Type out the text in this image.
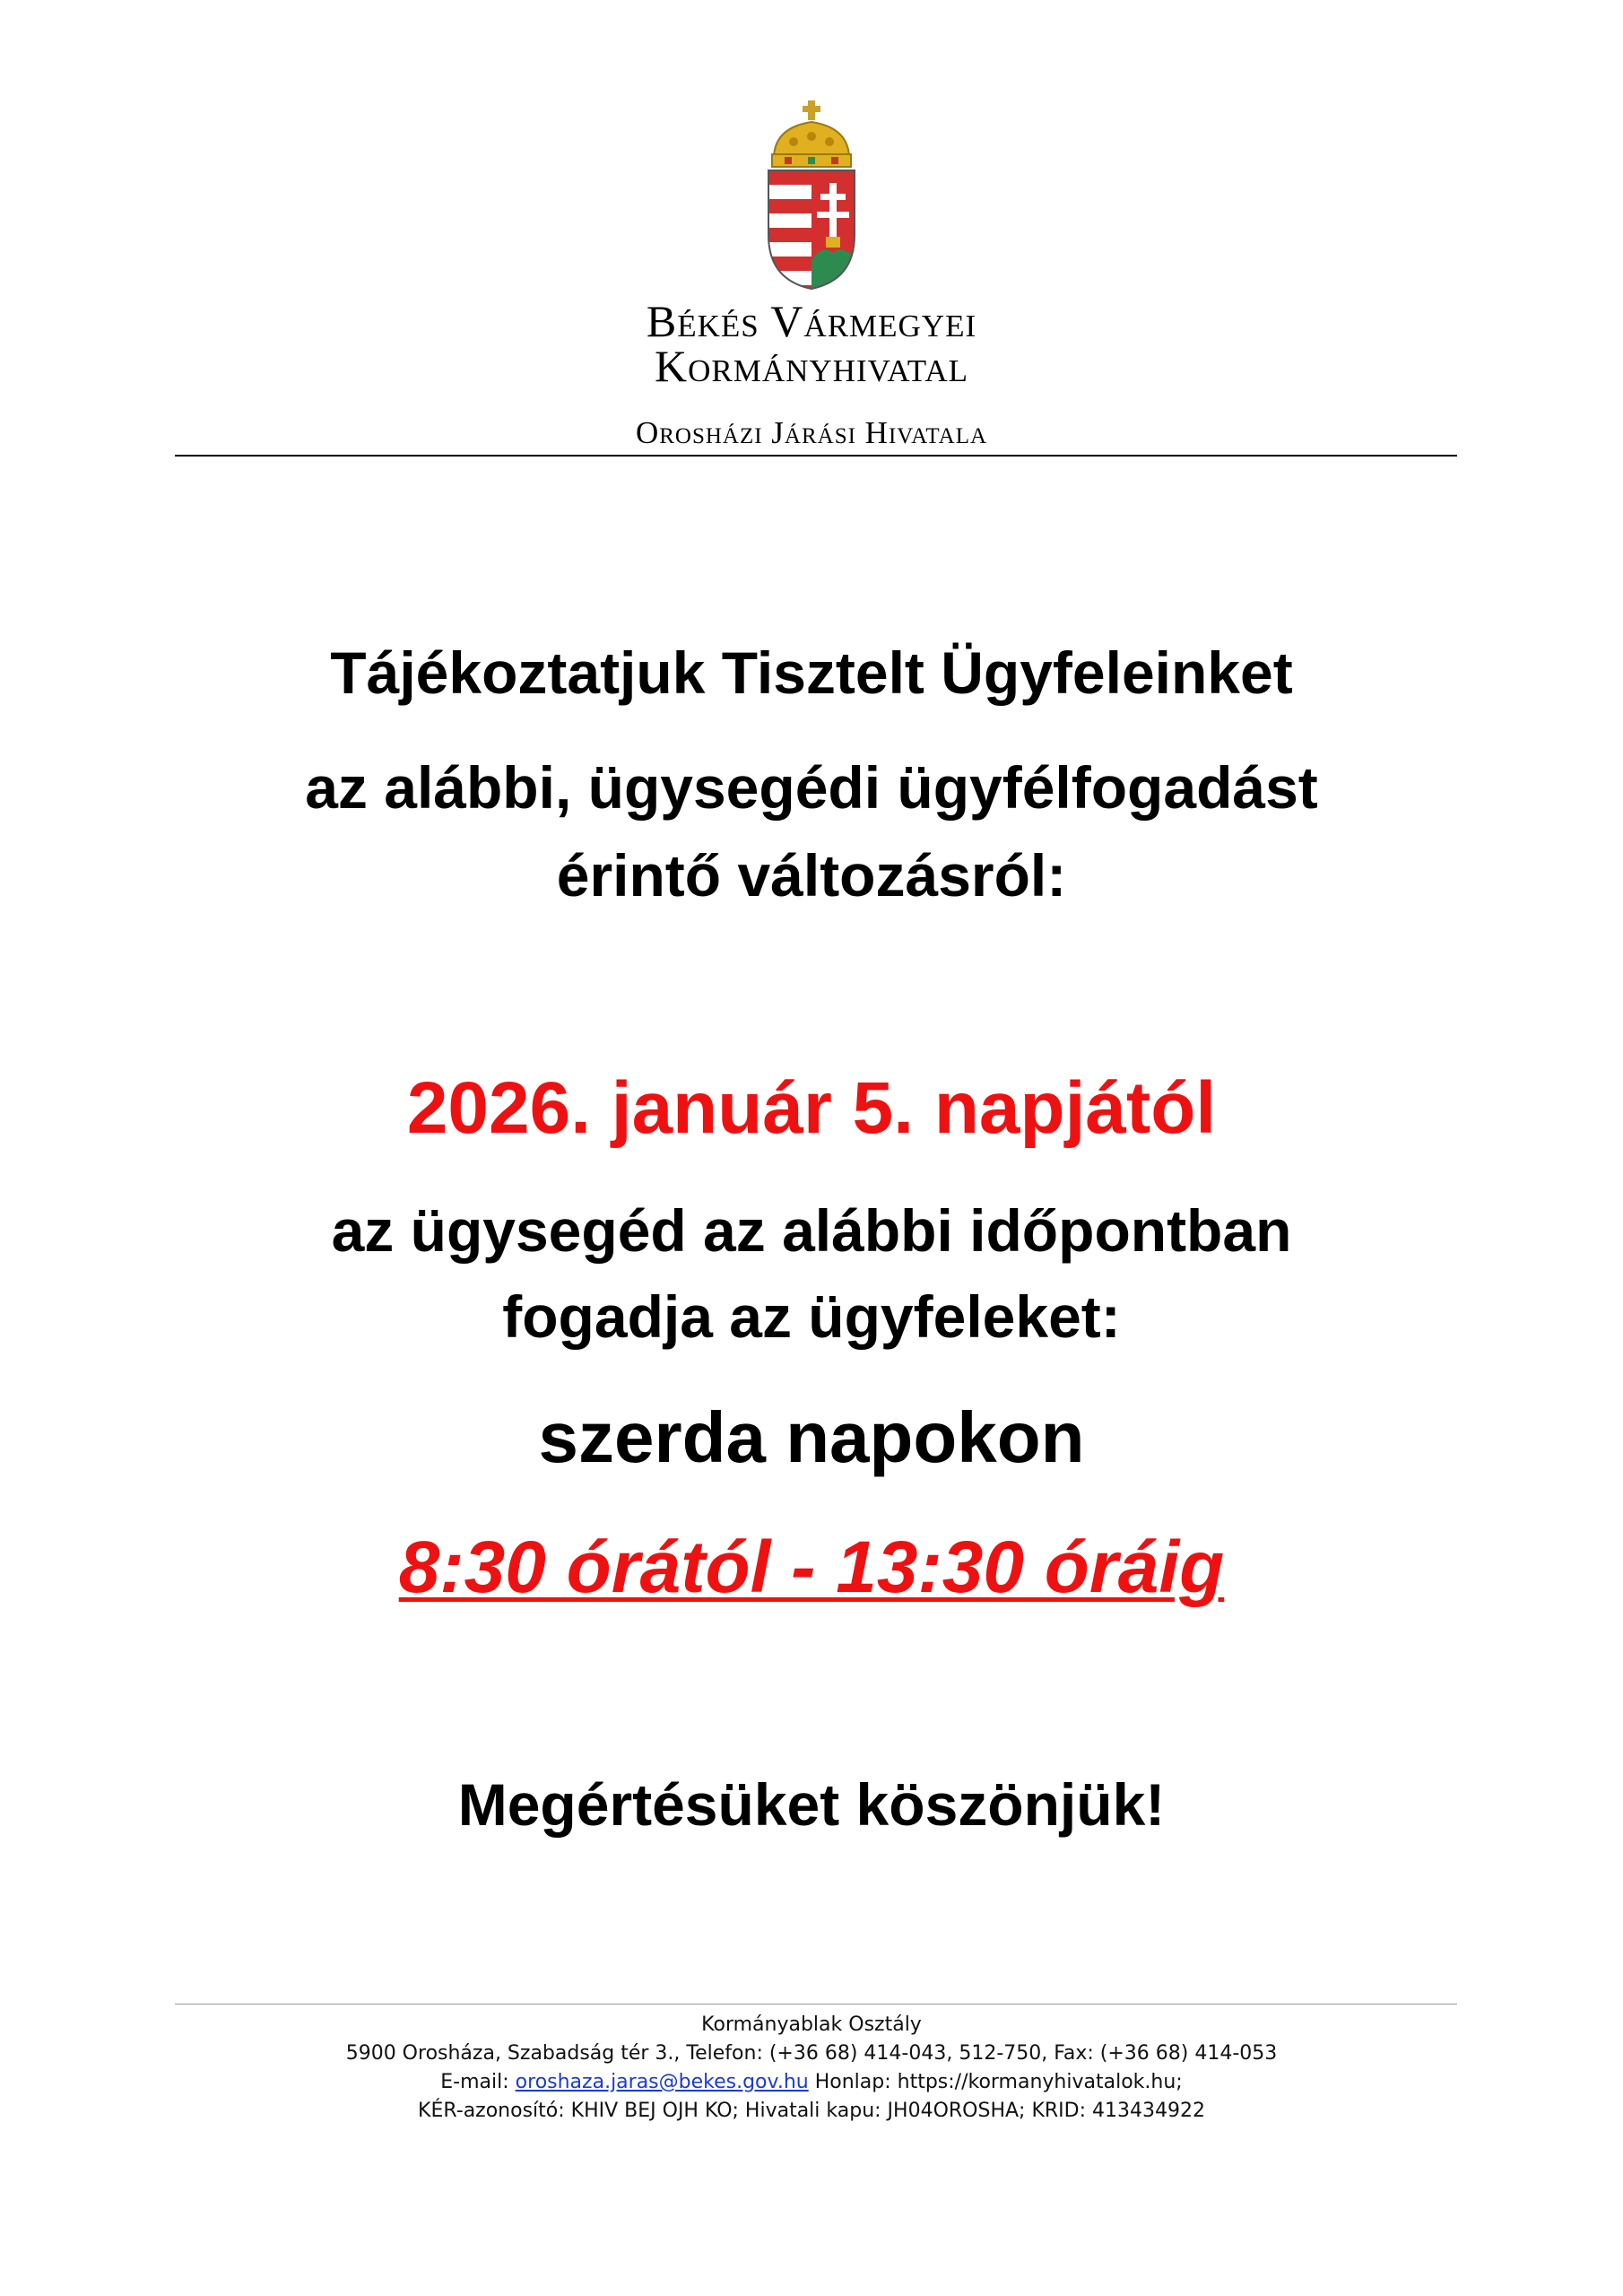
Békés Vármegyei
Kormányhivatal
Orosházi Járási Hivatala
Tájékoztatjuk Tisztelt Ügyfeleinket
az alábbi, ügysegédi ügyfélfogadást
érintő változásról:
2026. január 5. napjától
az ügysegéd az alábbi időpontban
fogadja az ügyfeleket:
szerda napokon
8:30 órától - 13:30 óráig
Megértésüket köszönjük!
Kormányablak Osztály
5900 Orosháza, Szabadság tér 3., Telefon: (+36 68) 414-043, 512-750, Fax: (+36 68) 414-053
E-mail: oroshaza.jaras@bekes.gov.hu Honlap: https://kormanyhivatalok.hu;
KÉR-azonosító: KHIV BEJ OJH KO; Hivatali kapu: JH04OROSHA; KRID: 413434922
